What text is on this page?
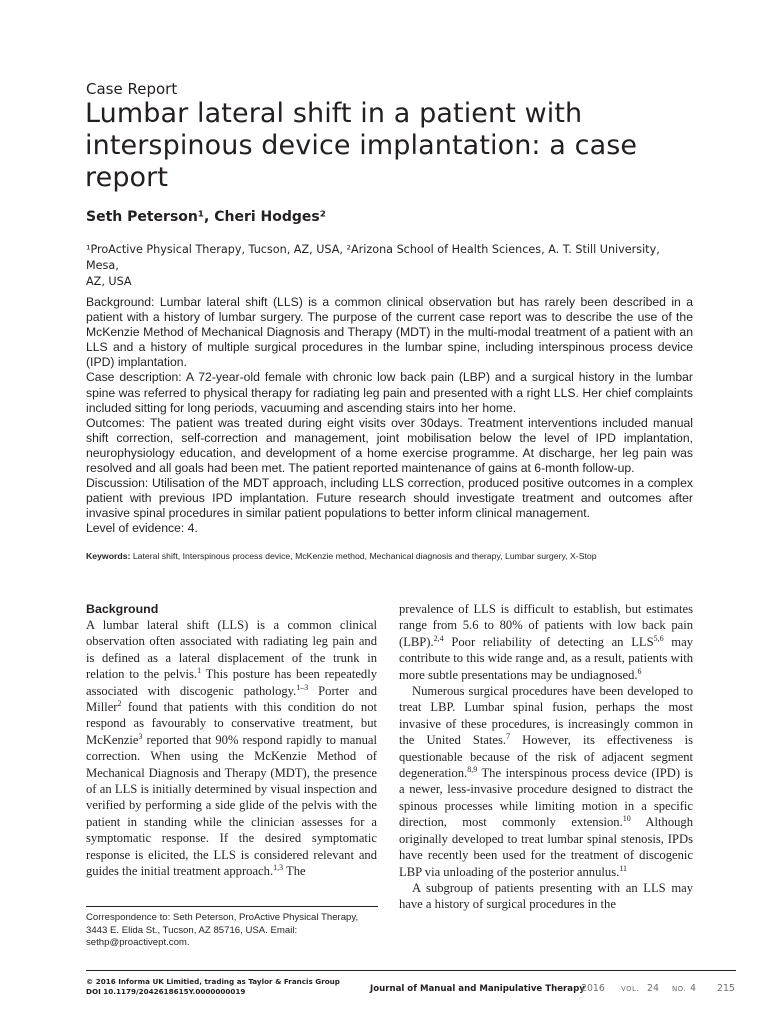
Case Report
Lumbar lateral shift in a patient with
interspinous device implantation: a case
report
Seth Peterson¹, Cheri Hodges²
¹ProActive Physical Therapy, Tucson, AZ, USA, ²Arizona School of Health Sciences, A. T. Still University, Mesa,
AZ, USA

Background: Lumbar lateral shift (LLS) is a common clinical observation but has rarely been described in a patient with a history of lumbar surgery. The purpose of the current case report was to describe the use of the McKenzie Method of Mechanical Diagnosis and Therapy (MDT) in the multi-modal treatment of a patient with an LLS and a history of multiple surgical procedures in the lumbar spine, including interspinous process device (IPD) implantation.

Case description: A 72-year-old female with chronic low back pain (LBP) and a surgical history in the lumbar spine was referred to physical therapy for radiating leg pain and presented with a right LLS. Her chief complaints included sitting for long periods, vacuuming and ascending stairs into her home.

Outcomes: The patient was treated during eight visits over 30days. Treatment interventions included manual shift correction, self-correction and management, joint mobilisation below the level of IPD implantation, neurophysiology education, and development of a home exercise programme. At discharge, her leg pain was resolved and all goals had been met. The patient reported maintenance of gains at 6-month follow-up.

Discussion: Utilisation of the MDT approach, including LLS correction, produced positive outcomes in a complex patient with previous IPD implantation. Future research should investigate treatment and outcomes after invasive spinal procedures in similar patient populations to better inform clinical management.

Level of evidence: 4.

Keywords: Lateral shift, Interspinous process device, McKenzie method, Mechanical diagnosis and therapy, Lumbar surgery, X-Stop
Background

A lumbar lateral shift (LLS) is a common clinical observation often associated with radiating leg pain and is defined as a lateral displacement of the trunk in relation to the pelvis.$^1$ This posture has been repeatedly associated with discogenic pathology.$^{1-3}$ Porter and Miller$^2$ found that patients with this condition do not respond as favourably to conservative treatment, but McKenzie$^3$ reported that 90% respond rapidly to manual correction. When using the McKenzie Method of Mechanical Diagnosis and Therapy (MDT), the presence of an LLS is initially determined by visual inspection and verified by performing a side glide of the pelvis with the patient in standing while the clinician assesses for a symptomatic response. If the desired symptomatic response is elicited, the LLS is considered relevant and guides the initial treatment approach.$^{1,3}$ The

prevalence of LLS is difficult to establish, but estimates range from 5.6 to 80% of patients with low back pain (LBP).$^{2,4}$ Poor reliability of detecting an LLS$^{5,6}$ may contribute to this wide range and, as a result, patients with more subtle presentations may be undiagnosed.$^6$

Numerous surgical procedures have been developed to treat LBP. Lumbar spinal fusion, perhaps the most invasive of these procedures, is increasingly common in the United States.$^7$ However, its effectiveness is questionable because of the risk of adjacent segment degeneration.$^{8,9}$ The interspinous process device (IPD) is a newer, less-invasive procedure designed to distract the spinous processes while limiting motion in a specific direction, most commonly extension.$^{10}$ Although originally developed to treat lumbar spinal stenosis, IPDs have recently been used for the treatment of discogenic LBP via unloading of the posterior annulus.$^{11}$

A subgroup of patients presenting with an LLS may have a history of surgical procedures in the

Correspondence to: Seth Peterson, ProActive Physical Therapy, 3443 E. Elida St., Tucson, AZ 85716, USA. Email: sethp@proactivept.com.
© 2016 Informa UK Limitied, trading as Taylor & Francis Group
DOI 10.1179/2042618615Y.0000000019	Journal of Manual and Manipulative Therapy
2016 VOL. 24 NO. 4 215
